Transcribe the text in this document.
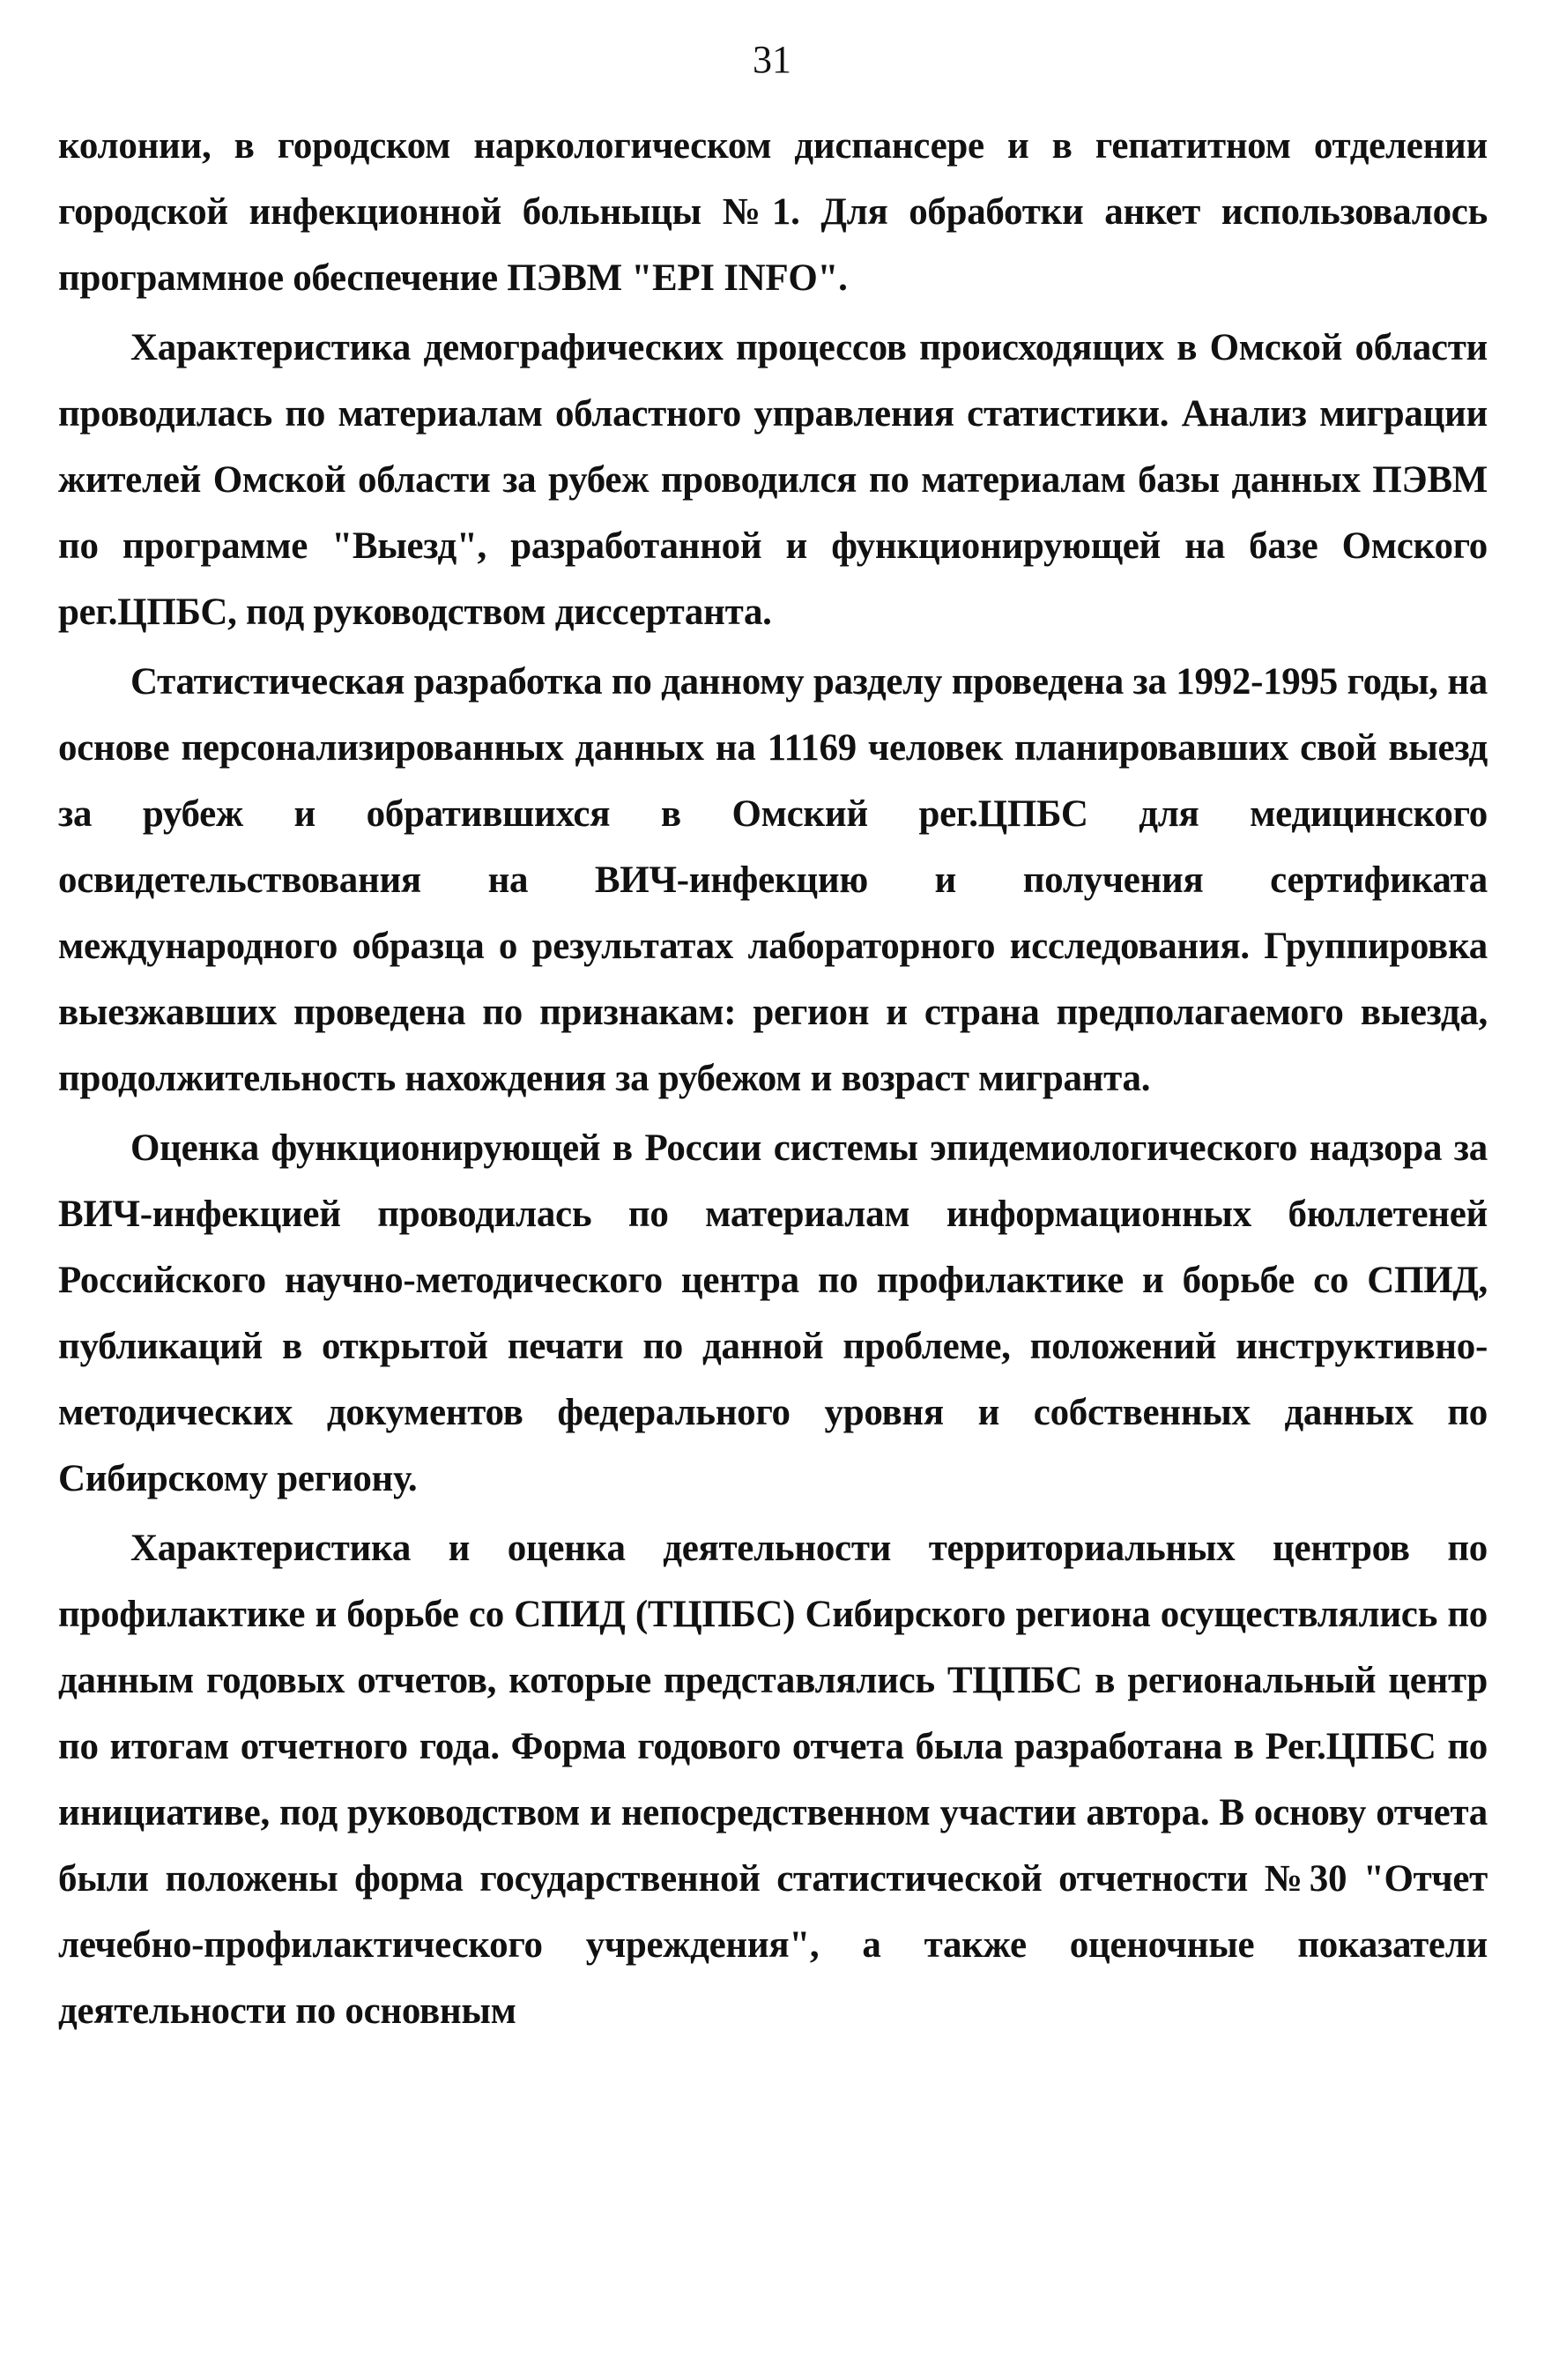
31

колонии, в городском наркологическом диспансере и в гепатитном отделении городской инфекционной больныцы №1. Для обработки анкет использовалось программное обеспечение ПЭВМ "EPI INFO".

Характеристика демографических процессов происходящих в Омской области проводилась по материалам областного управления статистики. Анализ миграции жителей Омской области за рубеж проводился по материалам базы данных ПЭВМ по программе "Выезд", разработанной и функционирующей на базе Омского рег.ЦПБС, под руководством диссертанта.

Статистическая разработка по данному разделу проведена за 1992-1995 годы, на основе персонализированных данных на 11169 человек планировавших свой выезд за рубеж и обратившихся в Омский рег.ЦПБС для медицинского освидетельствования на ВИЧ-инфекцию и получения сертификата международного образца о результатах лабораторного исследования. Группировка выезжавших проведена по признакам: регион и страна предполагаемого выезда, продолжительность нахождения за рубежом и возраст мигранта.

Оценка функционирующей в России системы эпидемиологического надзора за ВИЧ-инфекцией проводилась по материалам информационных бюллетеней Российского научно-методического центра по профилактике и борьбе со СПИД, публикаций в открытой печати по данной проблеме, положений инструктивно-методических документов федерального уровня и собственных данных по Сибирскому региону.

Характеристика и оценка деятельности территориальных центров по профилактике и борьбе со СПИД (ТЦПБС) Сибирского региона осуществлялись по данным годовых отчетов, которые представлялись ТЦПБС в региональный центр по итогам отчетного года. Форма годового отчета была разработана в Рег.ЦПБС по инициативе, под руководством и непосредственном участии автора. В основу отчета были положены форма государственной статистической отчетности №30 "Отчет лечебно-профилактического учреждения", а также оценочные показатели деятельности по основным
